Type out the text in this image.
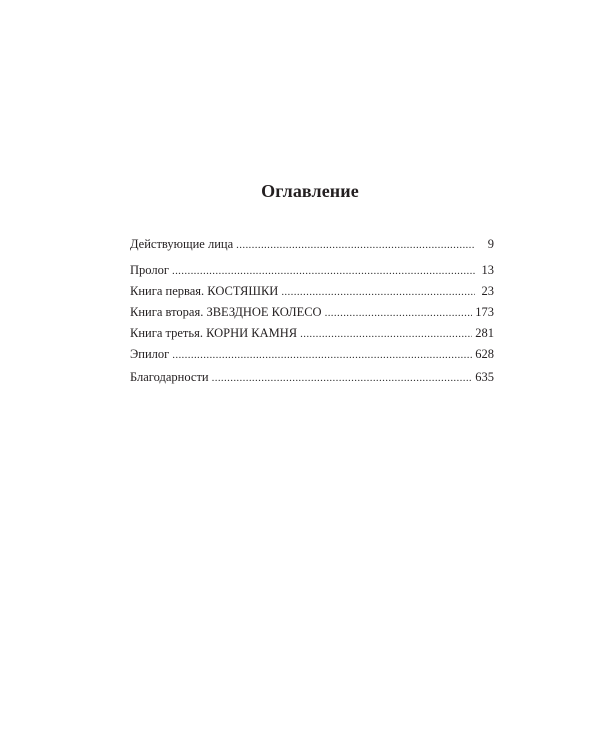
Оглавление
Действующие лица . . .	9
Пролог . . .	13
Книга первая. КОСТЯШКИ . . .	23
Книга вторая. ЗВЕЗДНОЕ КОЛЕСО . . .	173
Книга третья. КОРНИ КАМНЯ . . .	281
Эпилог . . .	628
Благодарности . . .	635
